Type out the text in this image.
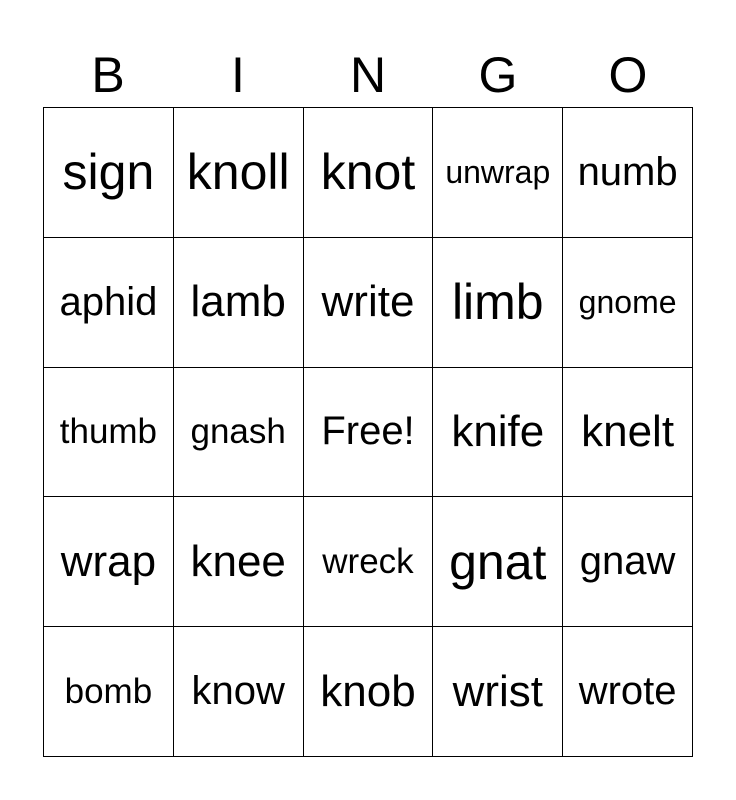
B	I	N	G	O
sign knoll knot unwrap numb
aphid lamb write limb	gnome
thumb gnash Free! knife knelt
wrap knee	wreck gnat gnaw
bomb know knob wrist wrote
